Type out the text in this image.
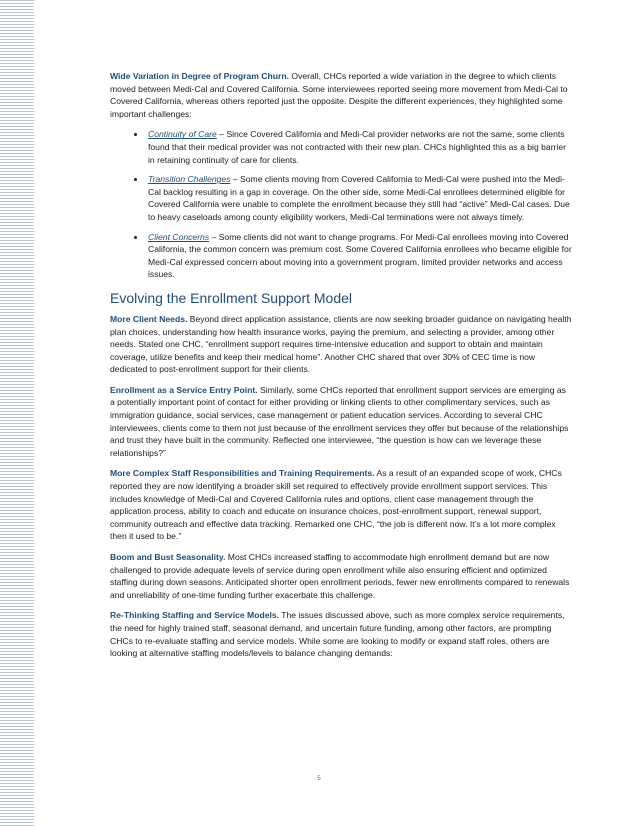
Wide Variation in Degree of Program Churn. Overall, CHCs reported a wide variation in the degree to which clients moved between Medi-Cal and Covered California. Some interviewees reported seeing more movement from Medi-Cal to Covered California, whereas others reported just the opposite. Despite the different experiences, they highlighted some important challenges:

• Continuity of Care – Since Covered California and Medi-Cal provider networks are not the same, some clients found that their medical provider was not contracted with their new plan. CHCs highlighted this as a big barrier in retaining continuity of care for clients.
• Transition Challenges – Some clients moving from Covered California to Medi-Cal were pushed into the Medi-Cal backlog resulting in a gap in coverage. On the other side, some Medi-Cal enrollees determined eligible for Covered California were unable to complete the enrollment because they still had “active” Medi-Cal cases. Due to heavy caseloads among county eligibility workers, Medi-Cal terminations were not always timely.
• Client Concerns – Some clients did not want to change programs. For Medi-Cal enrollees moving into Covered California, the common concern was premium cost. Some Covered California enrollees who became eligible for Medi-Cal expressed concern about moving into a government program, limited provider networks and access issues.
Evolving the Enrollment Support Model

More Client Needs. Beyond direct application assistance, clients are now seeking broader guidance on navigating health plan choices, understanding how health insurance works, paying the premium, and selecting a provider, among other needs. Stated one CHC, “enrollment support requires time-intensive education and support to obtain and maintain coverage, utilize benefits and keep their medical home”. Another CHC shared that over 30% of CEC time is now dedicated to post-enrollment support for their clients.

Enrollment as a Service Entry Point. Similarly, some CHCs reported that enrollment support services are emerging as a potentially important point of contact for either providing or linking clients to other complimentary services, such as immigration guidance, social services, case management or patient education services. According to several CHC interviewees, clients come to them not just because of the enrollment services they offer but because of the relationships and trust they have built in the community. Reflected one interviewee, “the question is how can we leverage these relationships?”

More Complex Staff Responsibilities and Training Requirements. As a result of an expanded scope of work, CHCs reported they are now identifying a broader skill set required to effectively provide enrollment support services. This includes knowledge of Medi-Cal and Covered California rules and options, client case management through the application process, ability to coach and educate on insurance choices, post-enrollment support, renewal support, community outreach and effective data tracking. Remarked one CHC, “the job is different now. It’s a lot more complex then it used to be.”

Boom and Bust Seasonality. Most CHCs increased staffing to accommodate high enrollment demand but are now challenged to provide adequate levels of service during open enrollment while also ensuring efficient and optimized staffing during down seasons. Anticipated shorter open enrollment periods, fewer new enrollments compared to renewals and unreliability of one-time funding further exacerbate this challenge.

Re-Thinking Staffing and Service Models. The issues discussed above, such as more complex service requirements, the need for highly trained staff, seasonal demand, and uncertain future funding, among other factors, are prompting CHCs to re-evaluate staffing and service models. While some are looking to modify or expand staff roles, others are looking at alternative staffing models/levels to balance changing demands:

5
